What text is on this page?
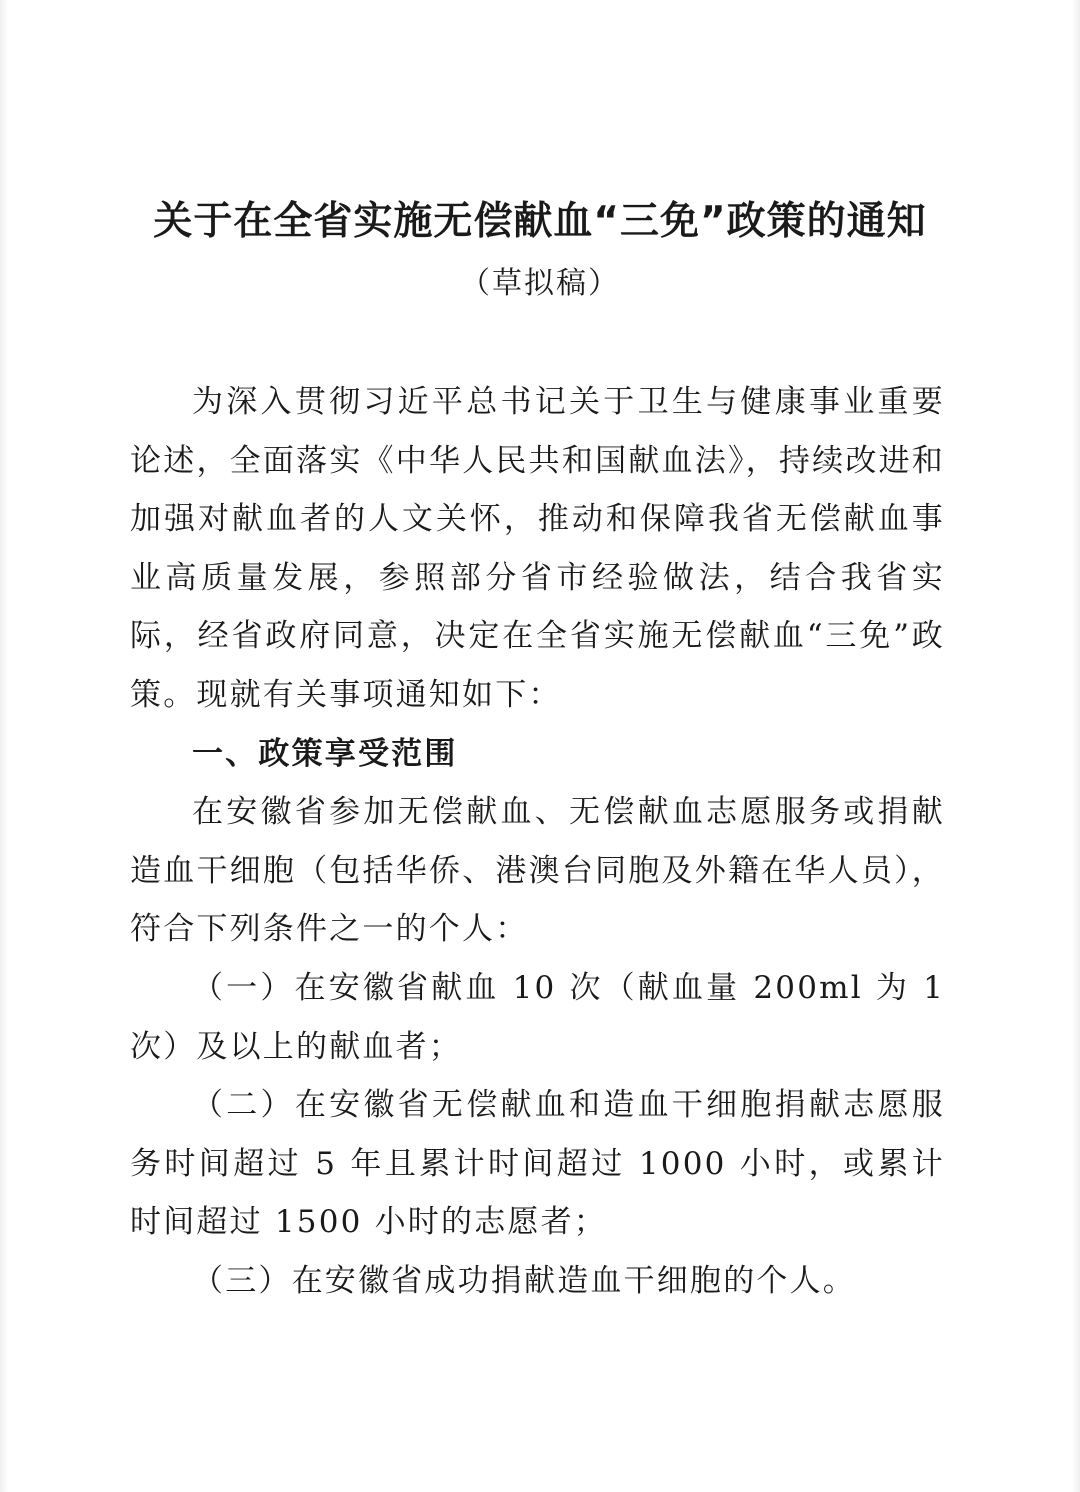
关于在全省实施无偿献血“三免”政策的通知
（草拟稿）

为深入贯彻习近平总书记关于卫生与健康事业重要论述，全面落实《中华人民共和国献血法》，持续改进和加强对献血者的人文关怀，推动和保障我省无偿献血事业高质量发展，参照部分省市经验做法，结合我省实际，经省政府同意，决定在全省实施无偿献血“三免”政策。现就有关事项通知如下：

一、政策享受范围

在安徽省参加无偿献血、无偿献血志愿服务或捐献造血干细胞（包括华侨、港澳台同胞及外籍在华人员），符合下列条件之一的个人：

（一）在安徽省献血 10 次（献血量 200ml 为 1 次）及以上的献血者；

（二）在安徽省无偿献血和造血干细胞捐献志愿服务时间超过 5 年且累计时间超过 1000 小时，或累计时间超过 1500 小时的志愿者；

（三）在安徽省成功捐献造血干细胞的个人。
